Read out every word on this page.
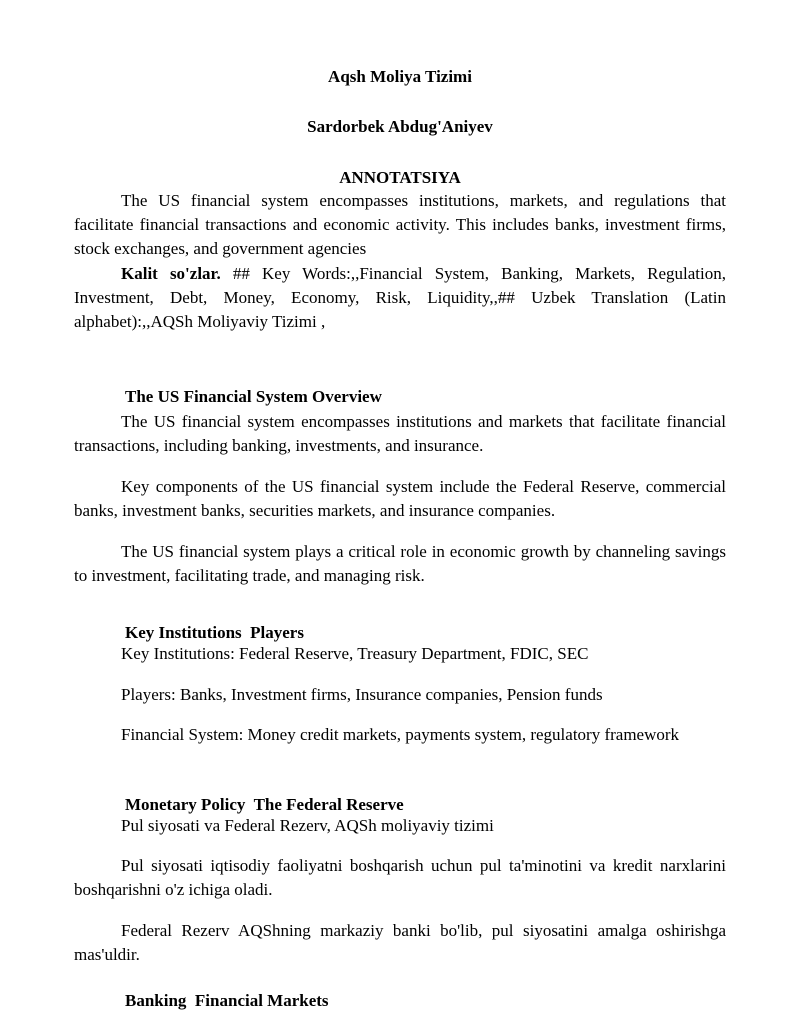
Aqsh Moliya Tizimi
Sardorbek Abdug'Aniyev
ANNOTATSIYA

The US financial system encompasses institutions, markets, and regulations that facilitate financial transactions and economic activity. This includes banks, investment firms, stock exchanges, and government agencies

Kalit so'zlar. ## Key Words:,,Financial System, Banking, Markets, Regulation, Investment, Debt, Money, Economy, Risk, Liquidity,,## Uzbek Translation (Latin alphabet):,,AQSh Moliyaviy Tizimi ,

The US Financial System Overview

The US financial system encompasses institutions and markets that facilitate financial transactions, including banking, investments, and insurance.

Key components of the US financial system include the Federal Reserve, commercial banks, investment banks, securities markets, and insurance companies.

The US financial system plays a critical role in economic growth by channeling savings to investment, facilitating trade, and managing risk.

Key Institutions  Players

Key Institutions: Federal Reserve, Treasury Department, FDIC, SEC

Players: Banks, Investment firms, Insurance companies, Pension funds

Financial System: Money credit markets, payments system, regulatory framework

Monetary Policy  The Federal Reserve

Pul siyosati va Federal Rezerv, AQSh moliyaviy tizimi

Pul siyosati iqtisodiy faoliyatni boshqarish uchun pul ta'minotini va kredit narxlarini boshqarishni o'z ichiga oladi.

Federal Rezerv AQShning markaziy banki bo'lib, pul siyosatini amalga oshirishga mas'uldir.

Banking  Financial Markets
